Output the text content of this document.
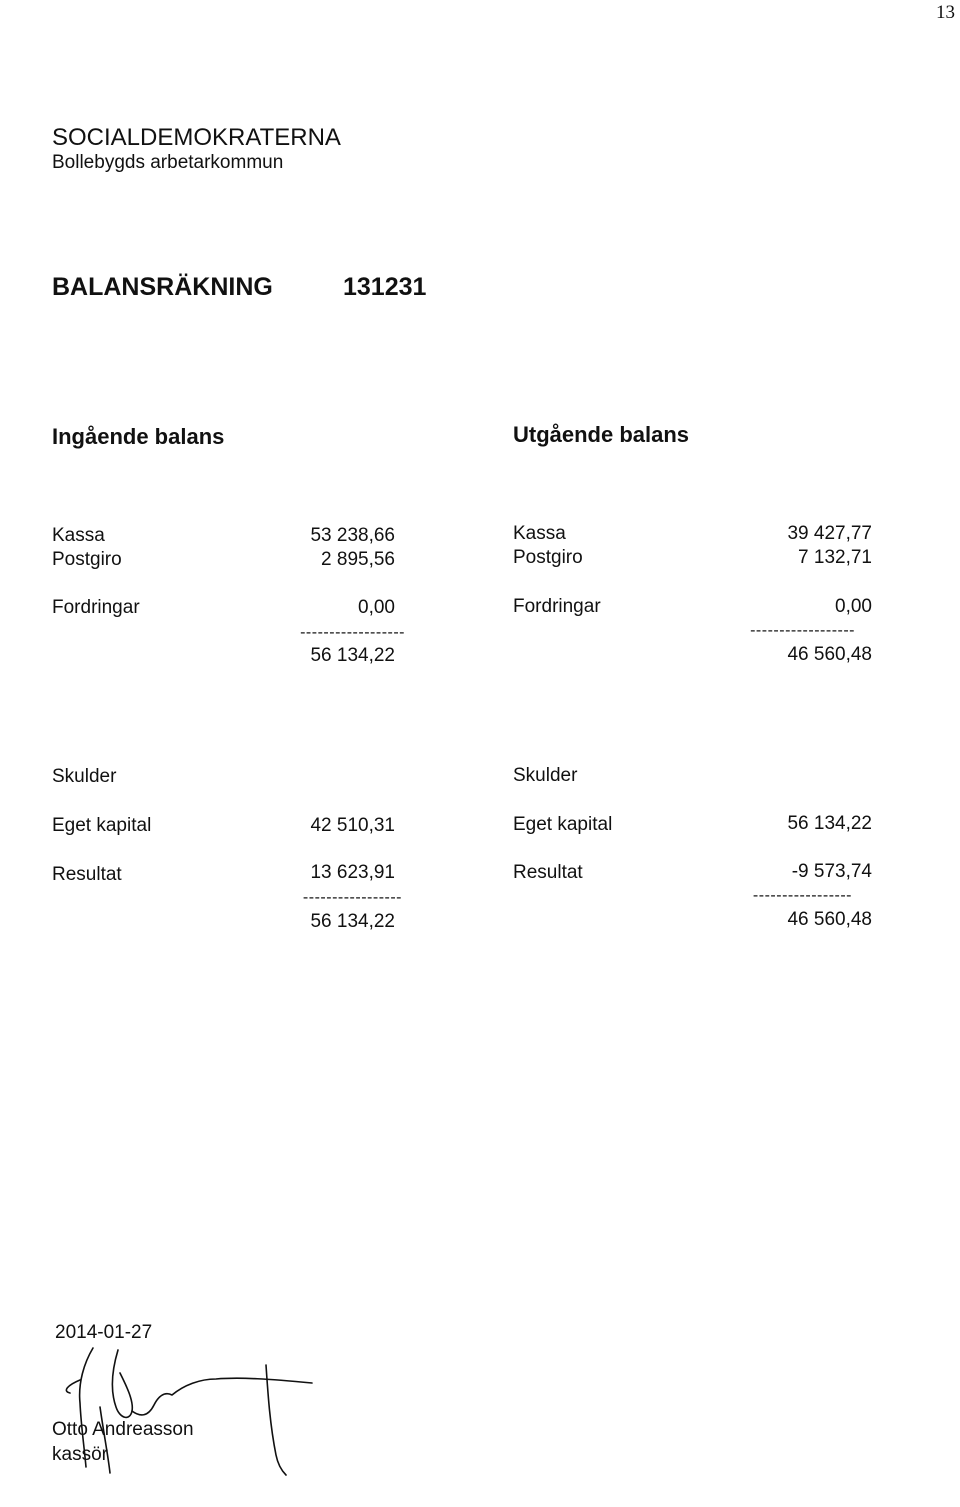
13
SOCIALDEMOKRATERNA
Bollebygds arbetarkommun
BALANSRÄKNING	131231
Ingående balans	Utgående balans
Kassa	53 238,66
Postgiro	2 895,56
Fordringar	0,00
------------------
56 134,22
Kassa	39 427,77
Postgiro	7 132,71
Fordringar	0,00
------------------
46 560,48
Skulder
Eget kapital	42 510,31
Resultat	13 623,91
-----------------
56 134,22
Skulder
Eget kapital	56 134,22
Resultat	-9 573,74
-----------------
46 560,48
2014-01-27
Otto Andreasson
kassör
